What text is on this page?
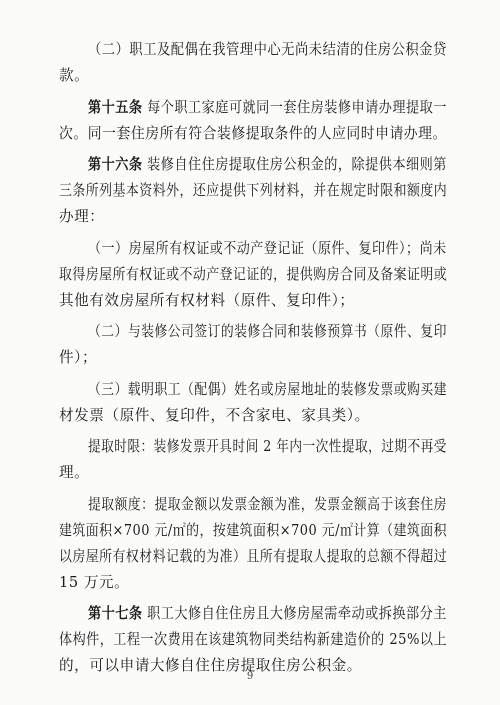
9
（二）职工及配偶在我管理中心无尚未结清的住房公积金贷
款。
第十五条 每个职工家庭可就同一套住房装修申请办理提取一
次。同一套住房所有符合装修提取条件的人应同时申请办理。
第十六条 装修自住住房提取住房公积金的，除提供本细则第
三条所列基本资料外，还应提供下列材料，并在规定时限和额度内
办理：
（一）房屋所有权证或不动产登记证（原件、复印件）；尚未
取得房屋所有权证或不动产登记证的，提供购房合同及备案证明或
其他有效房屋所有权材料（原件、复印件）；
（二）与装修公司签订的装修合同和装修预算书（原件、复印
件）；
（三）载明职工（配偶）姓名或房屋地址的装修发票或购买建
材发票（原件、复印件，不含家电、家具类）。
提取时限：装修发票开具时间 2 年内一次性提取，过期不再受
理。
提取额度：提取金额以发票金额为准，发票金额高于该套住房
建筑面积×700 元/㎡的，按建筑面积×700 元/㎡计算（建筑面积
以房屋所有权材料记载的为准）且所有提取人提取的总额不得超过
15 万元。
第十七条 职工大修自住住房且大修房屋需牵动或拆换部分主
体构件，工程一次费用在该建筑物同类结构新建造价的 25%以上
的，可以申请大修自住住房提取住房公积金。
